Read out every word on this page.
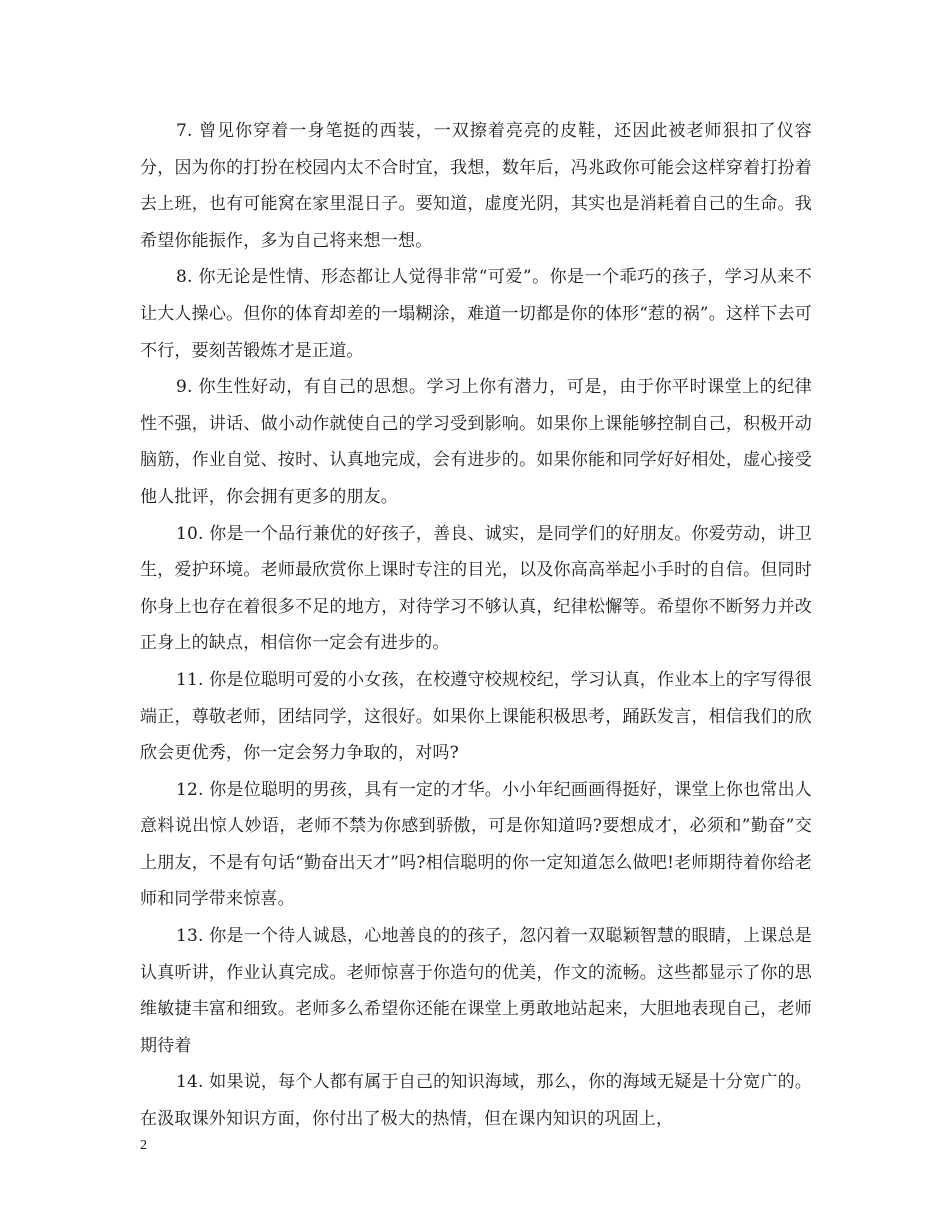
7. 曾见你穿着一身笔挺的西装，一双擦着亮亮的皮鞋，还因此被老师狠扣了仪容分，因为你的打扮在校园内太不合时宜，我想，数年后，冯兆政你可能会这样穿着打扮着去上班，也有可能窝在家里混日子。要知道，虚度光阴，其实也是消耗着自己的生命。我希望你能振作，多为自己将来想一想。

8. 你无论是性情、形态都让人觉得非常“可爱”。你是一个乖巧的孩子，学习从来不让大人操心。但你的体育却差的一塌糊涂，难道一切都是你的体形“惹的祸”。这样下去可不行，要刻苦锻炼才是正道。

9. 你生性好动，有自己的思想。学习上你有潜力，可是，由于你平时课堂上的纪律性不强，讲话、做小动作就使自己的学习受到影响。如果你上课能够控制自己，积极开动脑筋，作业自觉、按时、认真地完成，会有进步的。如果你能和同学好好相处，虚心接受他人批评，你会拥有更多的朋友。

10. 你是一个品行兼优的好孩子，善良、诚实，是同学们的好朋友。你爱劳动，讲卫生，爱护环境。老师最欣赏你上课时专注的目光，以及你高高举起小手时的自信。但同时你身上也存在着很多不足的地方，对待学习不够认真，纪律松懈等。希望你不断努力并改正身上的缺点，相信你一定会有进步的。

11. 你是位聪明可爱的小女孩，在校遵守校规校纪，学习认真，作业本上的字写得很端正，尊敬老师，团结同学，这很好。如果你上课能积极思考，踊跃发言，相信我们的欣欣会更优秀，你一定会努力争取的，对吗?

12. 你是位聪明的男孩，具有一定的才华。小小年纪画画得挺好，课堂上你也常出人意料说出惊人妙语，老师不禁为你感到骄傲，可是你知道吗?要想成才，必须和”勤奋”交上朋友，不是有句话“勤奋出天才”吗?相信聪明的你一定知道怎么做吧!老师期待着你给老师和同学带来惊喜。

13. 你是一个待人诚恳，心地善良的的孩子，忽闪着一双聪颖智慧的眼睛，上课总是认真听讲，作业认真完成。老师惊喜于你造句的优美，作文的流畅。这些都显示了你的思维敏捷丰富和细致。老师多么希望你还能在课堂上勇敢地站起来，大胆地表现自己，老师期待着

14. 如果说，每个人都有属于自己的知识海域，那么，你的海域无疑是十分宽广的。在汲取课外知识方面，你付出了极大的热情，但在课内知识的巩固上，

2
